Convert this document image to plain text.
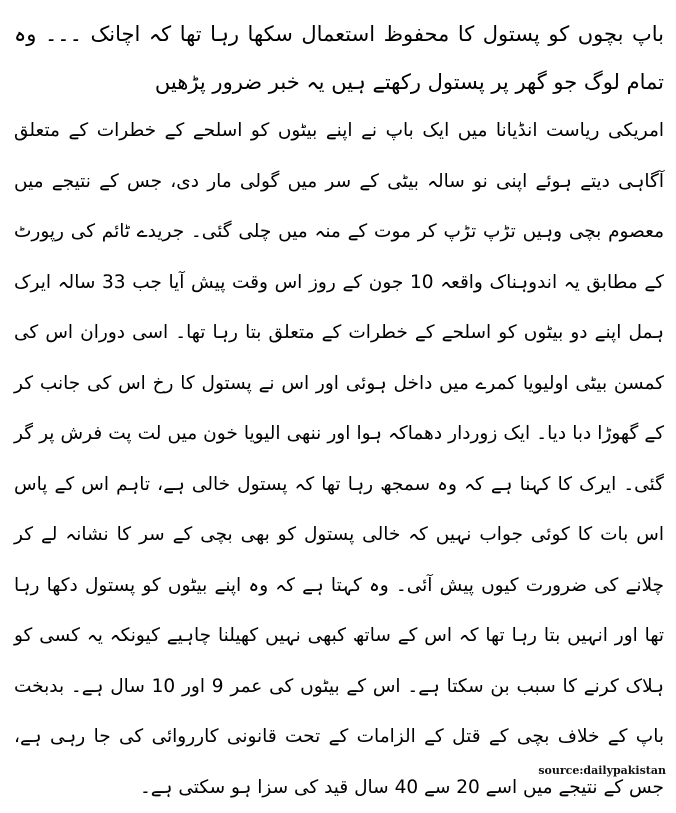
باپ بچوں کو پستول کا محفوظ استعمال سکھا رہا تھا کہ اچانک ۔۔۔ وہ تمام لوگ جو گھر پر پستول رکھتے ہیں یہ خبر ضرور پڑھیں

امریکی ریاست انڈیانا میں ایک باپ نے اپنے بیٹوں کو اسلحے کے خطرات کے متعلق آگاہی دیتے ہوئے اپنی نو سالہ بیٹی کے سر میں گولی مار دی، جس کے نتیجے میں معصوم بچی وہیں تڑپ تڑپ کر موت کے منہ میں چلی گئی۔ جریدے ٹائم کی رپورٹ کے مطابق یہ اندوہناک واقعہ 10 جون کے روز اس وقت پیش آیا جب 33 سالہ ایرک ہمل اپنے دو بیٹوں کو اسلحے کے خطرات کے متعلق بتا رہا تھا۔ اسی دوران اس کی کمسن بیٹی اولیویا کمرے میں داخل ہوئی اور اس نے پستول کا رخ اس کی جانب کر کے گھوڑا دبا دیا۔ ایک زوردار دھماکہ ہوا اور ننھی الیویا خون میں لت پت فرش پر گر گئی۔ ایرک کا کہنا ہے کہ وہ سمجھ رہا تھا کہ پستول خالی ہے، تاہم اس کے پاس اس بات کا کوئی جواب نہیں کہ خالی پستول کو بھی بچی کے سر کا نشانہ لے کر چلانے کی ضرورت کیوں پیش آئی۔ وہ کہتا ہے کہ وہ اپنے بیٹوں کو پستول دکھا رہا تھا اور انہیں بتا رہا تھا کہ اس کے ساتھ کبھی نہیں کھیلنا چاہیے کیونکہ یہ کسی کو ہلاک کرنے کا سبب بن سکتا ہے۔ اس کے بیٹوں کی عمر 9 اور 10 سال ہے۔ بدبخت باپ کے خلاف بچی کے قتل کے الزامات کے تحت قانونی کارروائی کی جا رہی ہے، جس کے نتیجے میں اسے 20 سے 40 سال قید کی سزا ہو سکتی ہے۔

source:dailypakistan
